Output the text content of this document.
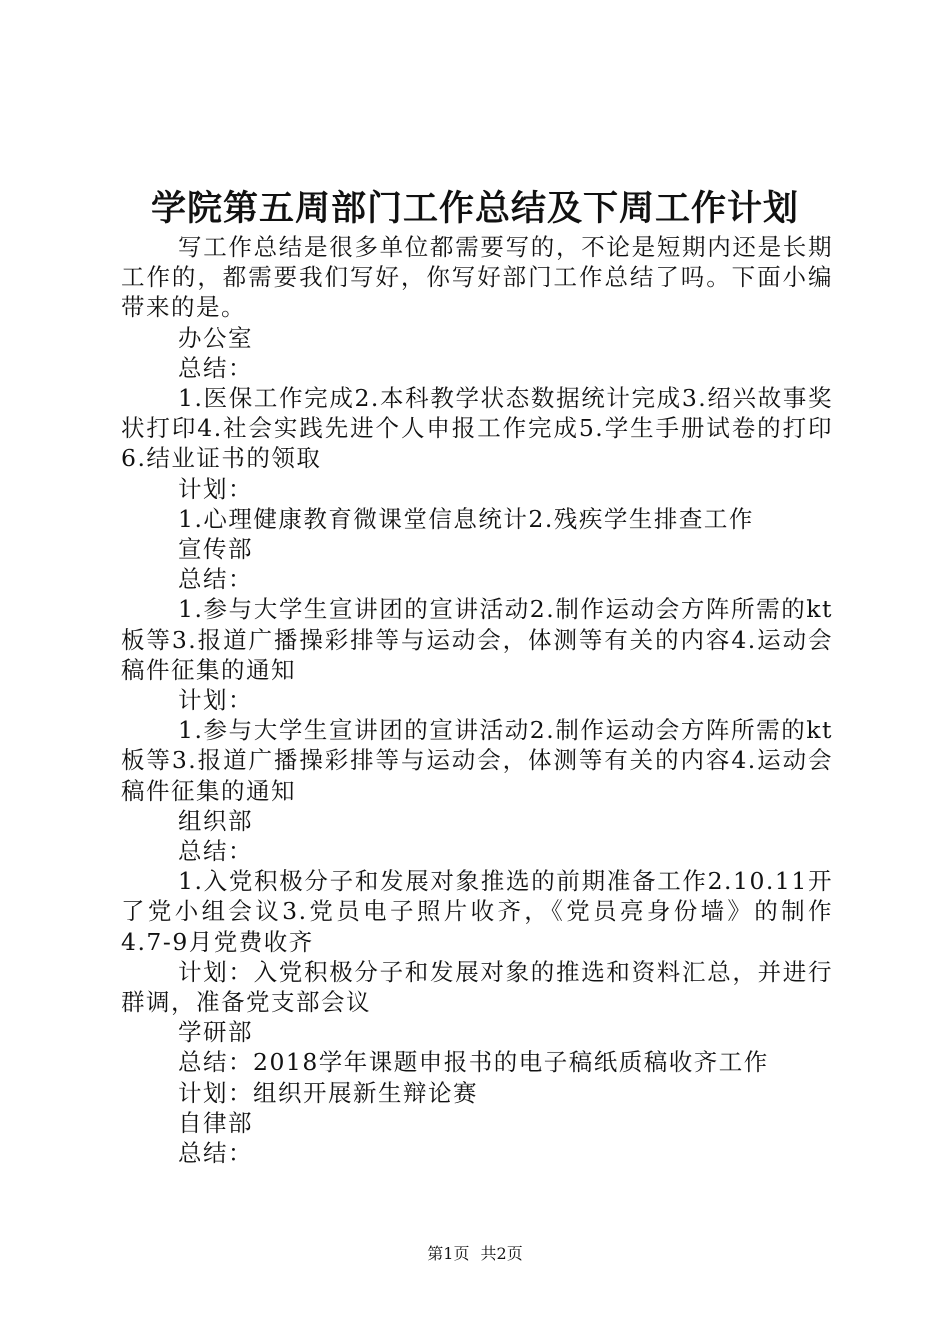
学院第五周部门工作总结及下周工作计划

写工作总结是很多单位都需要写的，不论是短期内还是长期工作的，都需要我们写好，你写好部门工作总结了吗。下面小编带来的是。

办公室

总结：

1.医保工作完成2.本科教学状态数据统计完成3.绍兴故事奖状打印4.社会实践先进个人申报工作完成5.学生手册试卷的打印6.结业证书的领取

计划：

1.心理健康教育微课堂信息统计2.残疾学生排查工作

宣传部

总结：

1.参与大学生宣讲团的宣讲活动2.制作运动会方阵所需的kt板等3.报道广播操彩排等与运动会，体测等有关的内容4.运动会稿件征集的通知

计划：

1.参与大学生宣讲团的宣讲活动2.制作运动会方阵所需的kt板等3.报道广播操彩排等与运动会，体测等有关的内容4.运动会稿件征集的通知

组织部

总结：

1.入党积极分子和发展对象推选的前期准备工作2.10.11开了党小组会议3.党员电子照片收齐，《党员亮身份墙》的制作4.7-9月党费收齐

计划：入党积极分子和发展对象的推选和资料汇总，并进行群调，准备党支部会议

学研部

总结：2018学年课题申报书的电子稿纸质稿收齐工作

计划：组织开展新生辩论赛

自律部

总结：

第1页 共2页
